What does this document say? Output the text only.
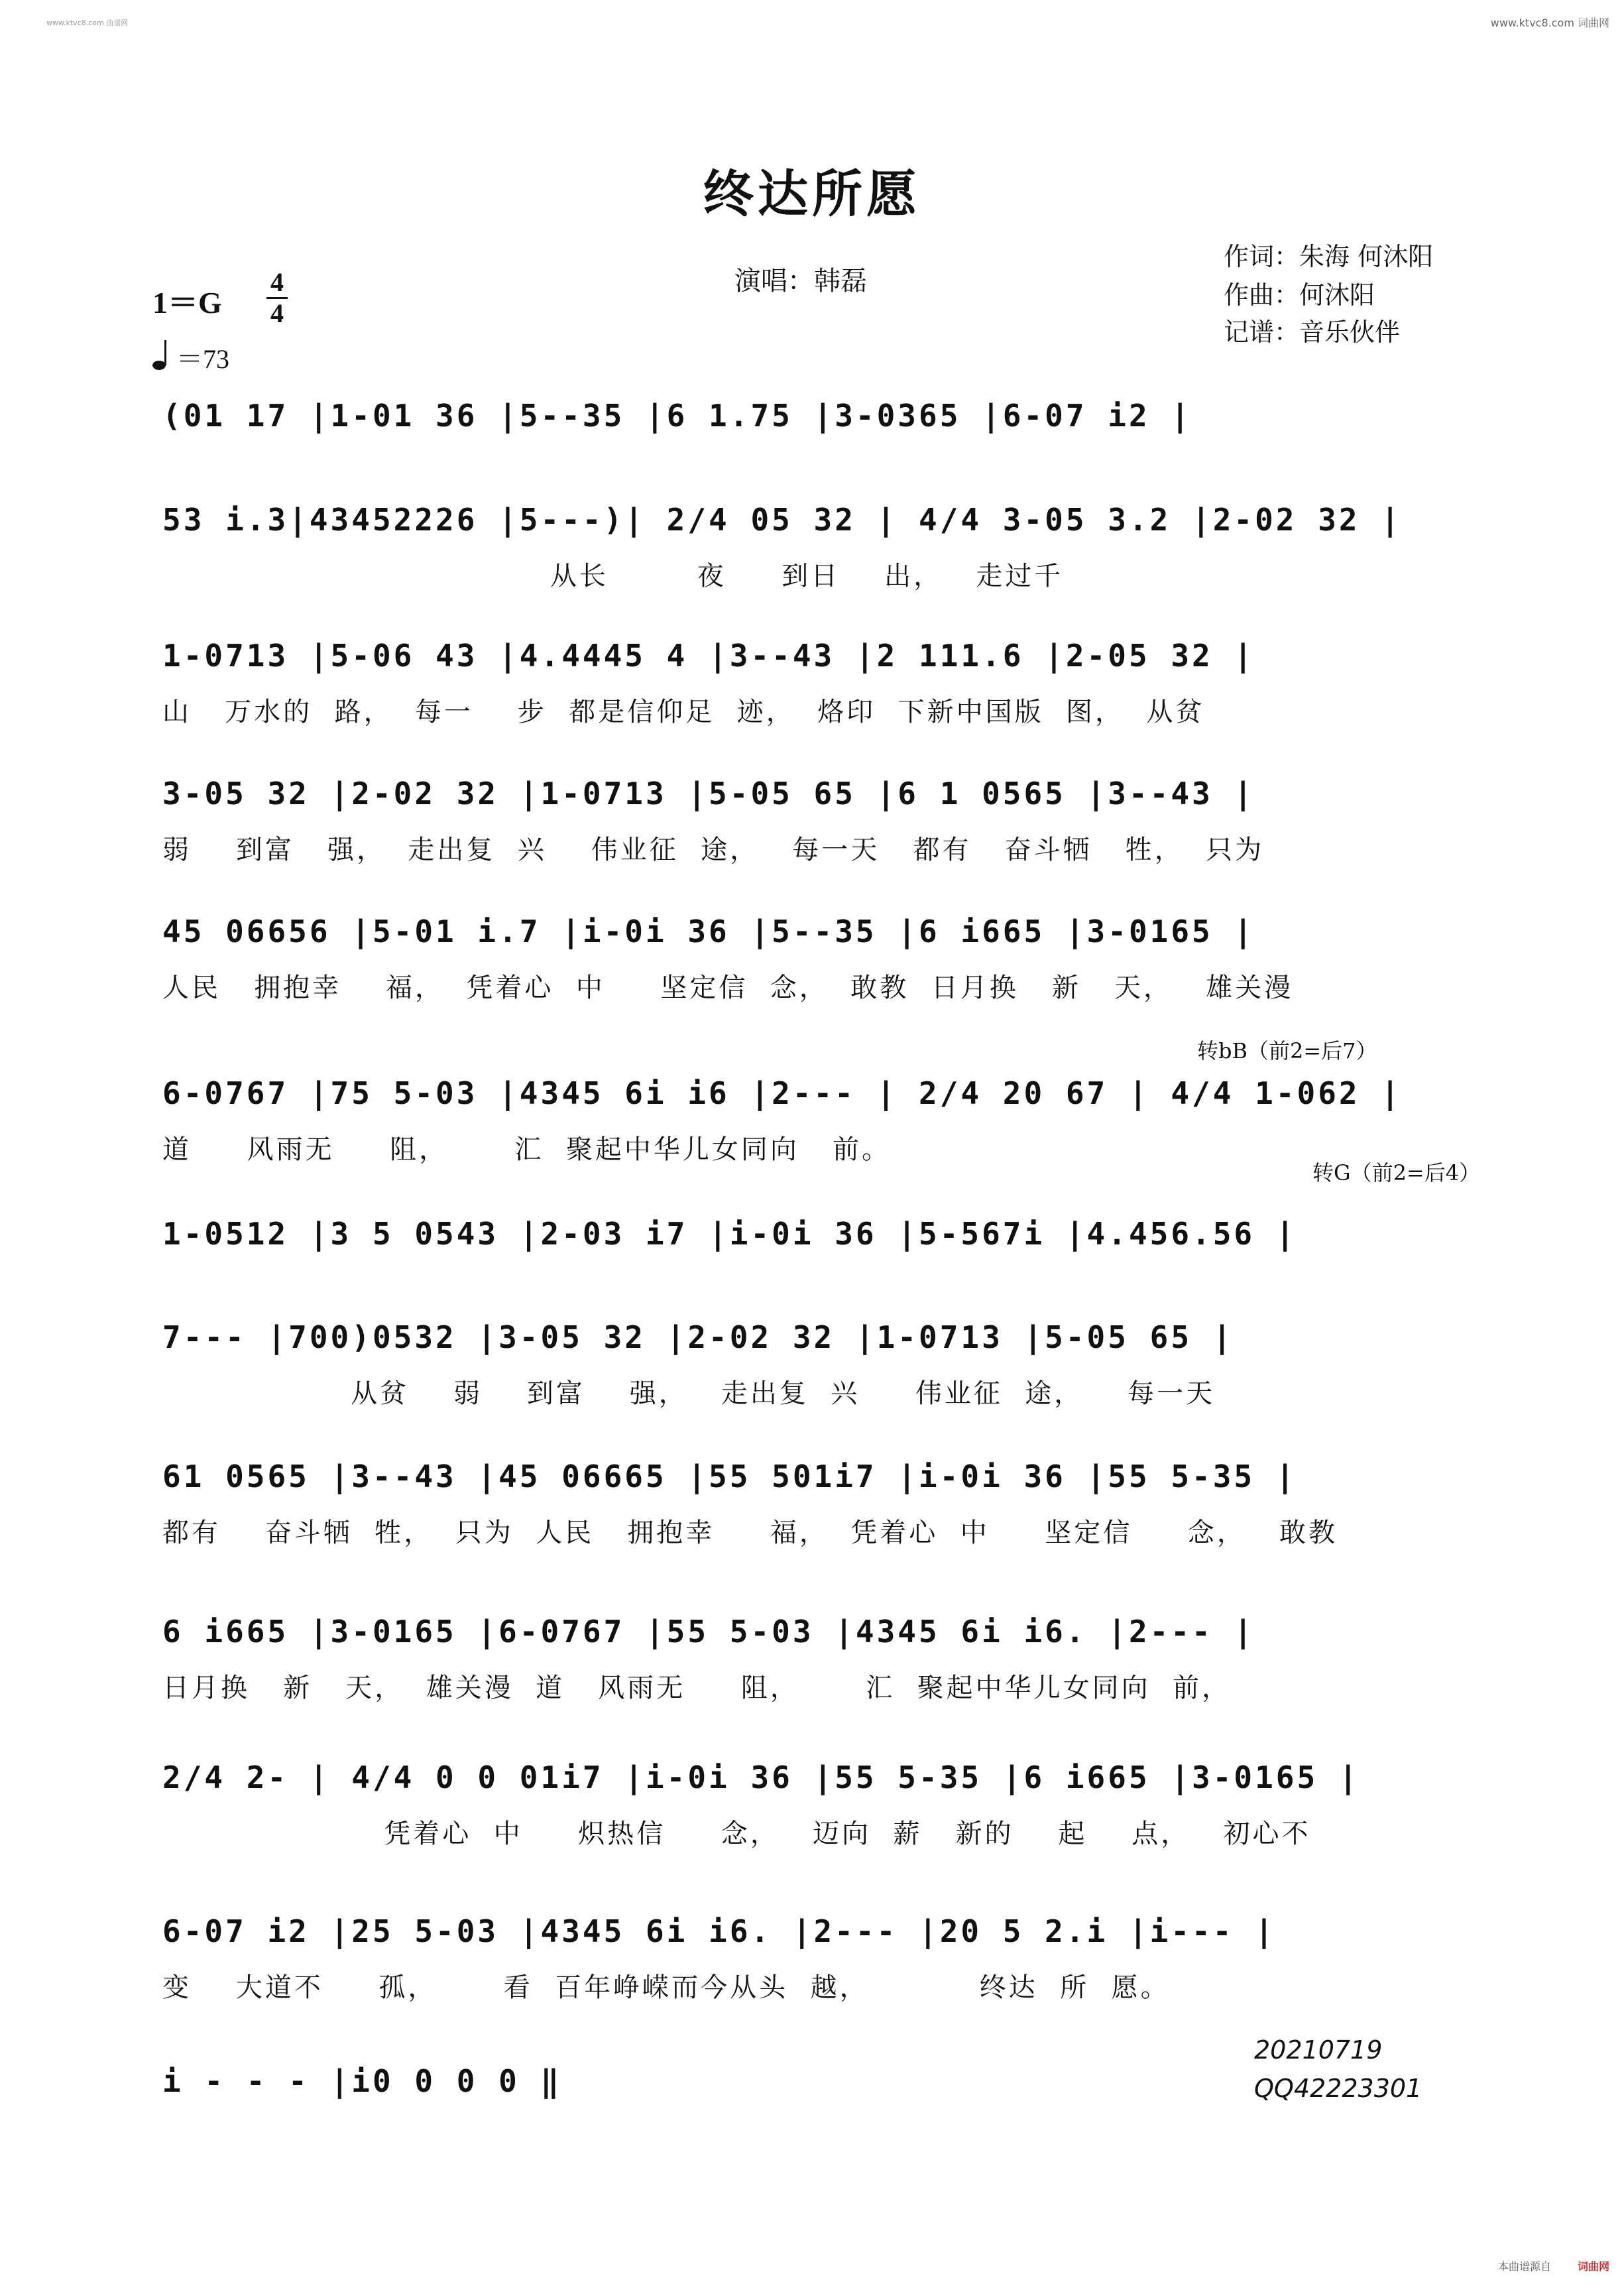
www.ktvc8.com 曲谱网	www.ktvc8.com 词曲网
终达所愿
演唱：韩磊
作词：朱海 何沐阳
作曲：何沐阳
记谱：音乐伙伴
1＝G
4
4
＝73
(01 17 |1-01 36 |5--35 |6 1.75 |3-0365 |6-07 i2 |
53 i.3|43452226 |5---)| 2/4 05 32 | 4/4 3-05 3.2 |2-02 32 |
从长        夜     到日    出，   走过千
1-0713 |5-06 43 |4.4445 4 |3--43 |2 111.6 |2-05 32 |
山   万水的  路，  每一    步  都是信仰足  迹，  烙印  下新中国版  图，  从贫
3-05 32 |2-02 32 |1-0713 |5-05 65 |6 1 0565 |3--43 |
弱    到富   强，  走出复  兴    伟业征  途，   每一天   都有   奋斗牺   牲，  只为
45 06656 |5-01 i.7 |i-0i 36 |5--35 |6 i665 |3-0165 |
人民   拥抱幸    福，  凭着心  中     坚定信  念，  敢教  日月换   新   天，   雄关漫
转bB（前2=后7）
6-0767 |75 5-03 |4345 6i i6 |2--- | 2/4 20 67 | 4/4 1-062 |
道     风雨无     阻，      汇  聚起中华儿女同向   前。
转G（前2=后4）
1-0512 |3 5 0543 |2-03 i7 |i-0i 36 |5-567i |4.456.56 |
7--- |700)0532 |3-05 32 |2-02 32 |1-0713 |5-05 65 |
从贫    弱    到富    强，   走出复  兴     伟业征  途，    每一天
61 0565 |3--43 |45 06665 |55 501i7 |i-0i 36 |55 5-35 |
都有    奋斗牺  牲，  只为  人民   拥抱幸     福，  凭着心  中     坚定信     念，   敢教
6 i665 |3-0165 |6-0767 |55 5-03 |4345 6i i6. |2--- |
日月换   新   天，  雄关漫  道   风雨无     阻，      汇  聚起中华儿女同向  前，
2/4 2- | 4/4 0 0 01i7 |i-0i 36 |55 5-35 |6 i665 |3-0165 |
凭着心  中     炽热信     念，   迈向  薪   新的    起    点，   初心不
6-07 i2 |25 5-03 |4345 6i i6. |2--- |20 5 2.i |i--- |
变    大道不     孤，      看  百年峥嵘而今从头  越，          终达  所  愿。
i - - - |i0 0 0 0 ‖
20210719
QQ42223301
本曲谱源自	词曲网
